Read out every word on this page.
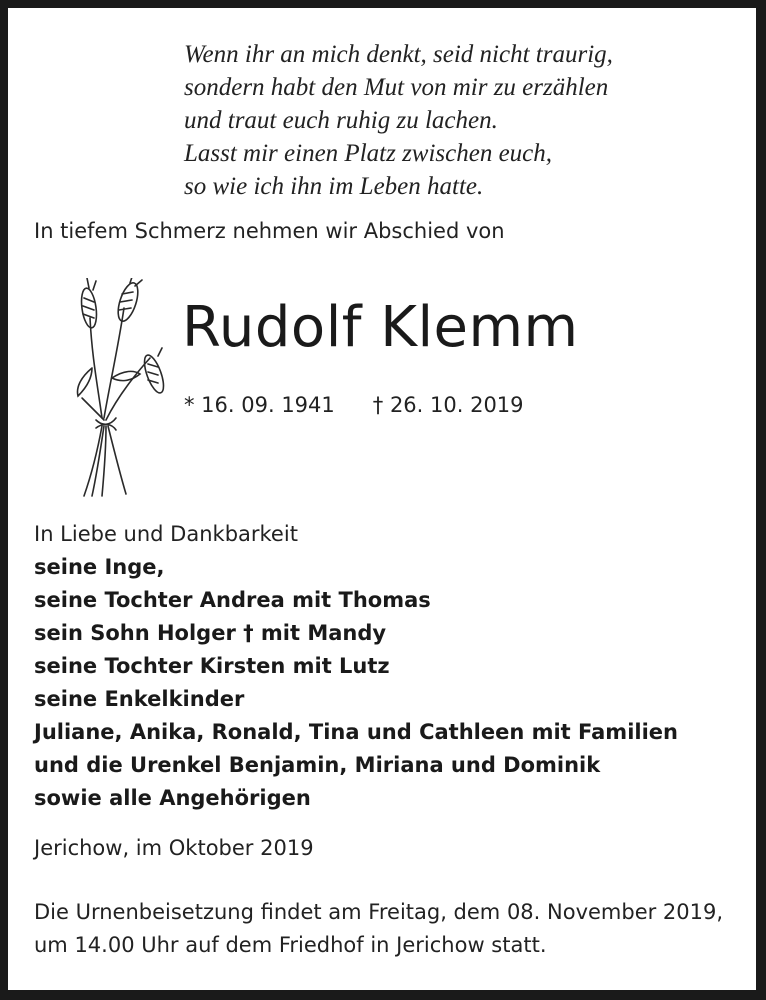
Wenn ihr an mich denkt, seid nicht traurig,
sondern habt den Mut von mir zu erzählen
und traut euch ruhig zu lachen.
Lasst mir einen Platz zwischen euch,
so wie ich ihn im Leben hatte.
In tiefem Schmerz nehmen wir Abschied von
Rudolf Klemm
* 16. 09. 1941 † 26. 10. 2019
In Liebe und Dankbarkeit
seine Inge,
seine Tochter Andrea mit Thomas
sein Sohn Holger † mit Mandy
seine Tochter Kirsten mit Lutz
seine Enkelkinder
Juliane, Anika, Ronald, Tina und Cathleen mit Familien
und die Urenkel Benjamin, Miriana und Dominik
sowie alle Angehörigen
Jerichow, im Oktober 2019
Die Urnenbeisetzung findet am Freitag, dem 08. November 2019,
um 14.00 Uhr auf dem Friedhof in Jerichow statt.
